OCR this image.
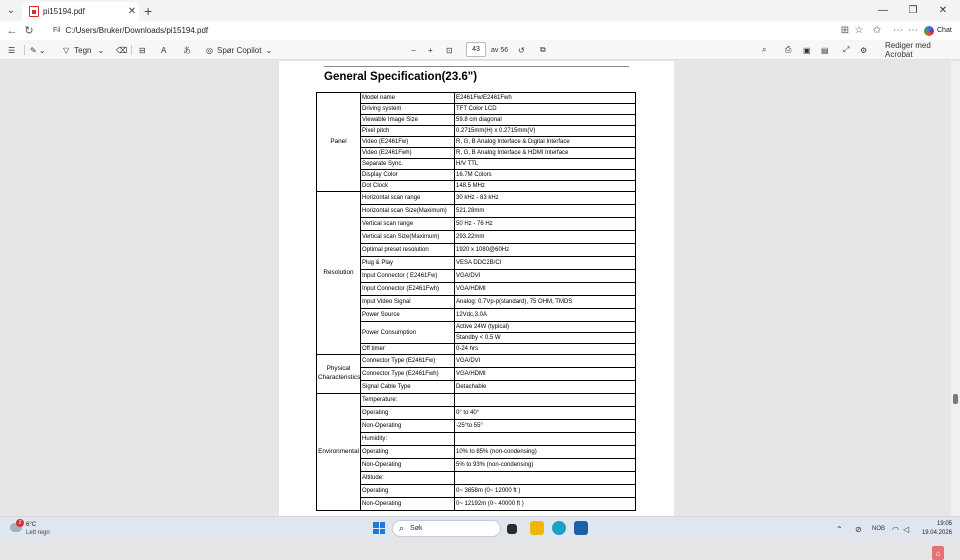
⌄	pi15194.pdf	✕ +	—	❐	✕
← ↻	Fil C:/Users/Bruker/Downloads/pi15194.pdf	⊞ ☆ ✩	⋯ ⋯	Chat
☰ ✎ ⌄ ▽ Tegn ⌄ ⌫ ⊟ A あ ◎ Spør Copilot ⌄	− + ⊡	43	av 56 ↺ ⧉	⌕ ⎙ ▣ ▤ ⤢ ⚙ Rediger med Acrobat
General Specification(23.6")
Panel	Model name	E2461Fw/E2461Fwh
	Driving system	TFT Color LCD
	Viewable Image Size	59.8 cm diagonal
	Pixel pitch	0.2715mm(H) x 0.2715mm(V)
	Video (E2461Fw)	R, G, B Analog Interface & Digital Interface
	Video (E2461Fwh)	R, G, B Analog Interface & HDMI Interface
	Separate Sync.	H/V TTL
	Display Color	16.7M Colors
	Dot Clock	148.5 MHz
Resolution	Horizontal scan range	30 kHz - 83 kHz
	Horizontal scan Size(Maximum)	521.28mm
	Vertical scan range	50 Hz - 76 Hz
	Vertical scan Size(Maximum)	293.22mm
	Optimal preset resolution	1920 x 1080@60Hz
	Plug & Play	VESA DDC2B/CI
	Input Connector ( E2461Fw)	VGA/DVI
	Input Connector (E2461Fwh)	VGA/HDMI
	Input Video Signal	Analog: 0.7Vp-p(standard), 75 OHM, TMDS
	Power Source	12Vdc,3.0A
	Power Consumption	Active 24W (typical)
		Standby < 0.5 W
	Off timer	0-24 hrs
Physical Characteristics	Connector Type (E2461Fw)	VGA/DVI
	Connector Type (E2461Fwh)	VGA/HDMI
	Signal Cable Type	Detachable
Environmental	Temperature:	
	Operating	0° to 40°
	Non-Operating	-25°to 55°
	Humidity:	
	Operating	10% to 85% (non-condensing)
	Non-Operating	5% to 93% (non-condensing)
	Altitude:	
	Operating	0~ 3658m (0~ 12000 ft )
	Non-Operating	0~ 12192m (0~ 40000 ft )
⌂
2 6°C
Lett regn	⌕ Søk	⌃ ⊘ NOB ◠ ◁
19:05
19.04.2026
